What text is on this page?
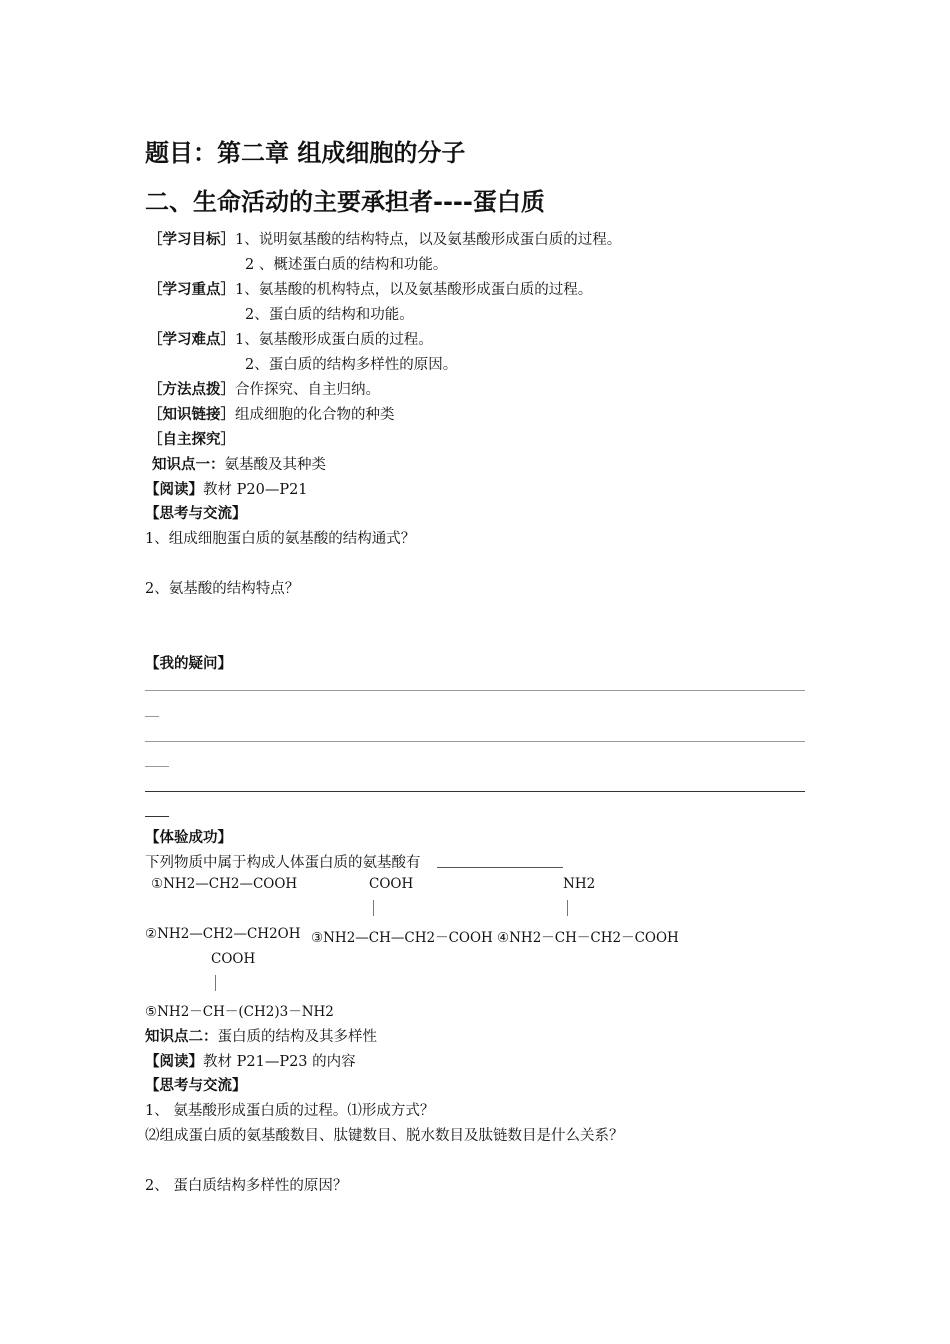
题目：第二章 组成细胞的分子
二、生命活动的主要承担者----蛋白质
［学习目标］1、说明氨基酸的结构特点，以及氨基酸形成蛋白质的过程。
2 、概述蛋白质的结构和功能。
［学习重点］1、氨基酸的机构特点，以及氨基酸形成蛋白质的过程。
2、蛋白质的结构和功能。
［学习难点］1、氨基酸形成蛋白质的过程。
2、蛋白质的结构多样性的原因。
［方法点拨］合作探究、自主归纳。
［知识链接］组成细胞的化合物的种类
［自主探究］
知识点一：氨基酸及其种类
【阅读】教材 P20—P21
【思考与交流】
1、组成细胞蛋白质的氨基酸的结构通式？
2、氨基酸的结构特点？
【我的疑问】
【体验成功】
下列物质中属于构成人体蛋白质的氨基酸有
①NH2—CH2—COOH	COOH	NH2
②NH2—CH2—CH2OH ③NH2—CH—CH2－COOH ④NH2－CH－CH2－COOH
COOH
⑤NH2－CH－(CH2)3－NH2
知识点二：蛋白质的结构及其多样性
【阅读】教材 P21—P23 的内容
【思考与交流】
1、 氨基酸形成蛋白质的过程。⑴形成方式？
⑵组成蛋白质的氨基酸数目、肽键数目、脱水数目及肽链数目是什么关系？
2、 蛋白质结构多样性的原因？
